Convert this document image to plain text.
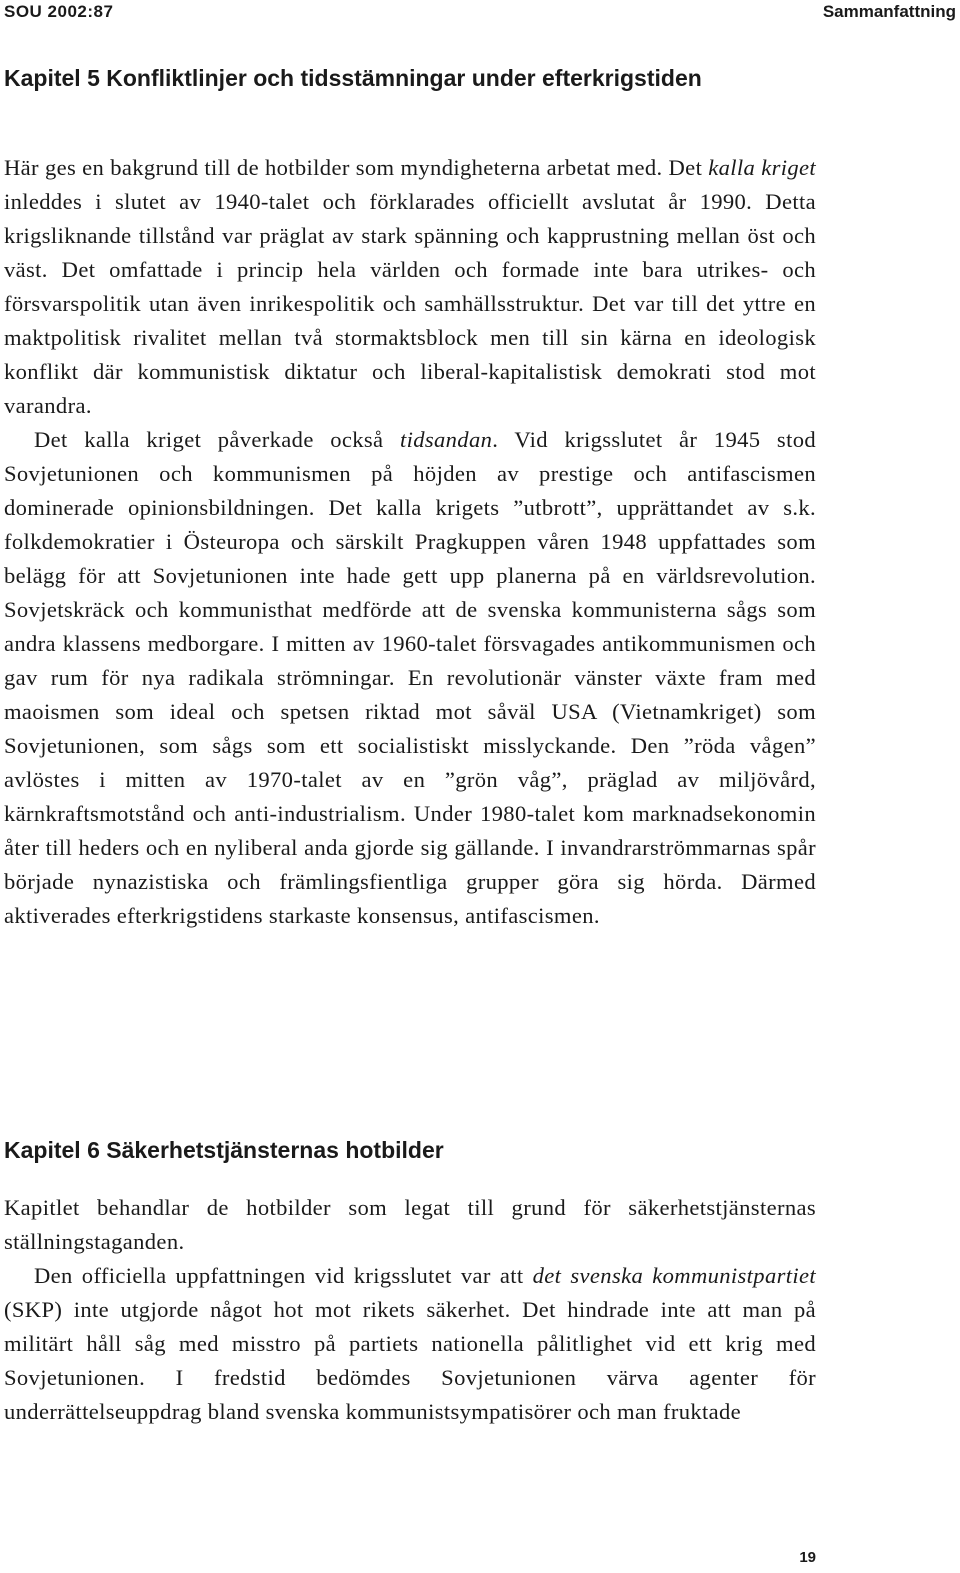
SOU 2002:87	Sammanfattning
Kapitel 5 Konfliktlinjer och tidsstämningar under efterkrigstiden

Här ges en bakgrund till de hotbilder som myndigheterna arbetat med. Det kalla kriget inleddes i slutet av 1940-talet och förklarades officiellt avslutat år 1990. Detta krigsliknande tillstånd var präglat av stark spänning och kapprustning mellan öst och väst. Det omfattade i princip hela världen och formade inte bara utrikes- och försvarspolitik utan även inrikespolitik och samhällsstruktur. Det var till det yttre en maktpolitisk rivalitet mellan två stormaktsblock men till sin kärna en ideologisk konflikt där kommunistisk diktatur och liberal-kapitalistisk demokrati stod mot varandra.

Det kalla kriget påverkade också tidsandan. Vid krigsslutet år 1945 stod Sovjetunionen och kommunismen på höjden av prestige och antifascismen dominerade opinionsbildningen. Det kalla krigets ”utbrott”, upprättandet av s.k. folkdemokratier i Östeuropa och särskilt Pragkuppen våren 1948 uppfattades som belägg för att Sovjetunionen inte hade gett upp planerna på en världsrevolution. Sovjetskräck och kommunisthat medförde att de svenska kommunisterna sågs som andra klassens medborgare. I mitten av 1960-talet försvagades antikommunismen och gav rum för nya radikala strömningar. En revolutionär vänster växte fram med maoismen som ideal och spetsen riktad mot såväl USA (Vietnamkriget) som Sovjetunionen, som sågs som ett socialistiskt misslyckande. Den ”röda vågen” avlöstes i mitten av 1970-talet av en ”grön våg”, präglad av miljövård, kärnkraftsmotstånd och anti-industrialism. Under 1980-talet kom marknadsekonomin åter till heders och en nyliberal anda gjorde sig gällande. I invandrarströmmarnas spår började nynazistiska och främlingsfientliga grupper göra sig hörda. Därmed aktiverades efterkrigstidens starkaste konsensus, antifascismen.

Kapitel 6 Säkerhetstjänsternas hotbilder

Kapitlet behandlar de hotbilder som legat till grund för säkerhetstjänsternas ställningstaganden.

Den officiella uppfattningen vid krigsslutet var att det svenska kommunistpartiet (SKP) inte utgjorde något hot mot rikets säkerhet. Det hindrade inte att man på militärt håll såg med misstro på partiets nationella pålitlighet vid ett krig med Sovjetunionen. I fredstid bedömdes Sovjetunionen värva agenter för underrättelseuppdrag bland svenska kommunistsympatisörer och man fruktade

19
